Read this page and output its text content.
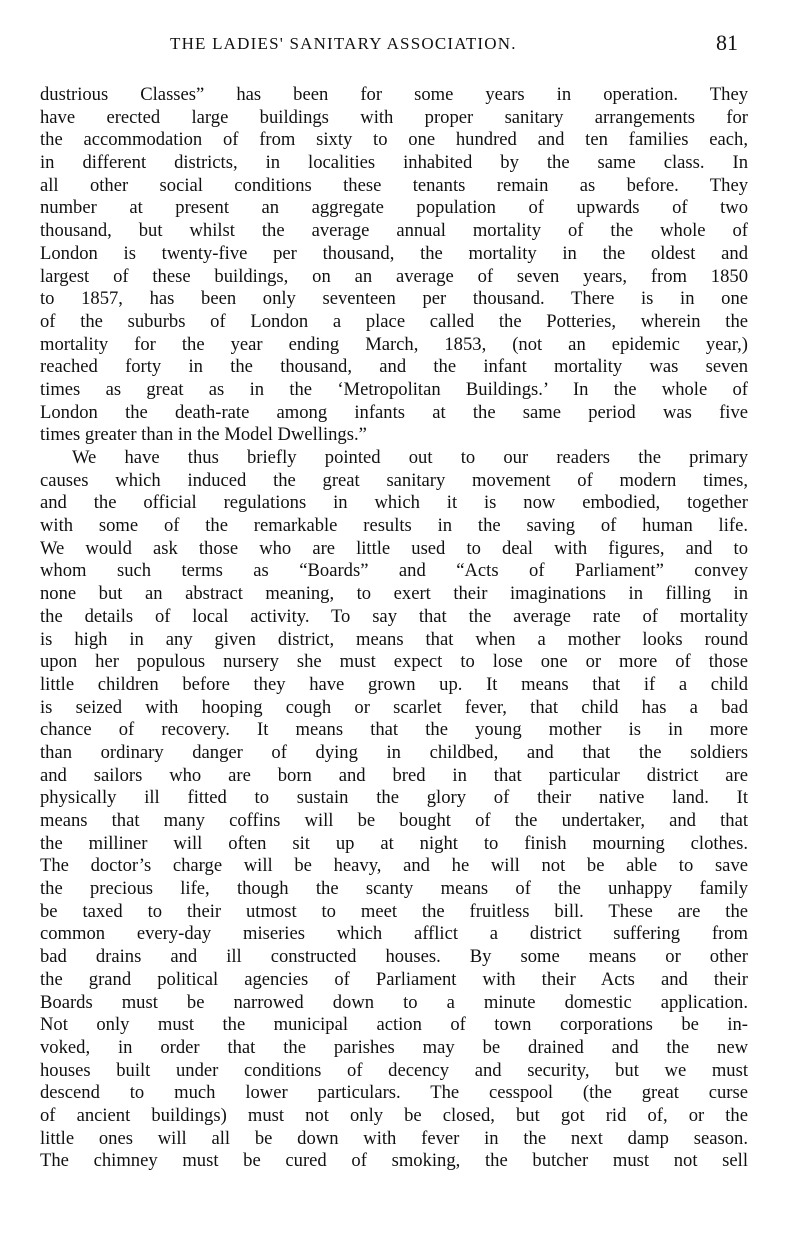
THE LADIES' SANITARY ASSOCIATION.	81
dustrious Classes” has been for some years in operation. They
have erected large buildings with proper sanitary arrangements for
the accommodation of from sixty to one hundred and ten families each,
in different districts, in localities inhabited by the same class. In
all other social conditions these tenants remain as before. They
number at present an aggregate population of upwards of two
thousand, but whilst the average annual mortality of the whole of
London is twenty-five per thousand, the mortality in the oldest and
largest of these buildings, on an average of seven years, from 1850
to 1857, has been only seventeen per thousand. There is in one
of the suburbs of London a place called the Potteries, wherein the
mortality for the year ending March, 1853, (not an epidemic year,)
reached forty in the thousand, and the infant mortality was seven
times as great as in the ‘Metropolitan Buildings.’ In the whole of
London the death-rate among infants at the same period was five
times greater than in the Model Dwellings.”
We have thus briefly pointed out to our readers the primary
causes which induced the great sanitary movement of modern times,
and the official regulations in which it is now embodied, together
with some of the remarkable results in the saving of human life.
We would ask those who are little used to deal with figures, and to
whom such terms as “Boards” and “Acts of Parliament” convey
none but an abstract meaning, to exert their imaginations in filling in
the details of local activity. To say that the average rate of mortality
is high in any given district, means that when a mother looks round
upon her populous nursery she must expect to lose one or more of those
little children before they have grown up. It means that if a child
is seized with hooping cough or scarlet fever, that child has a bad
chance of recovery. It means that the young mother is in more
than ordinary danger of dying in childbed, and that the soldiers
and sailors who are born and bred in that particular district are
physically ill fitted to sustain the glory of their native land. It
means that many coffins will be bought of the undertaker, and that
the milliner will often sit up at night to finish mourning clothes.
The doctor’s charge will be heavy, and he will not be able to save
the precious life, though the scanty means of the unhappy family
be taxed to their utmost to meet the fruitless bill. These are the
common every-day miseries which afflict a district suffering from
bad drains and ill constructed houses. By some means or other
the grand political agencies of Parliament with their Acts and their
Boards must be narrowed down to a minute domestic application.
Not only must the municipal action of town corporations be in-
voked, in order that the parishes may be drained and the new
houses built under conditions of decency and security, but we must
descend to much lower particulars. The cesspool (the great curse
of ancient buildings) must not only be closed, but got rid of, or the
little ones will all be down with fever in the next damp season.
The chimney must be cured of smoking, the butcher must not sell
